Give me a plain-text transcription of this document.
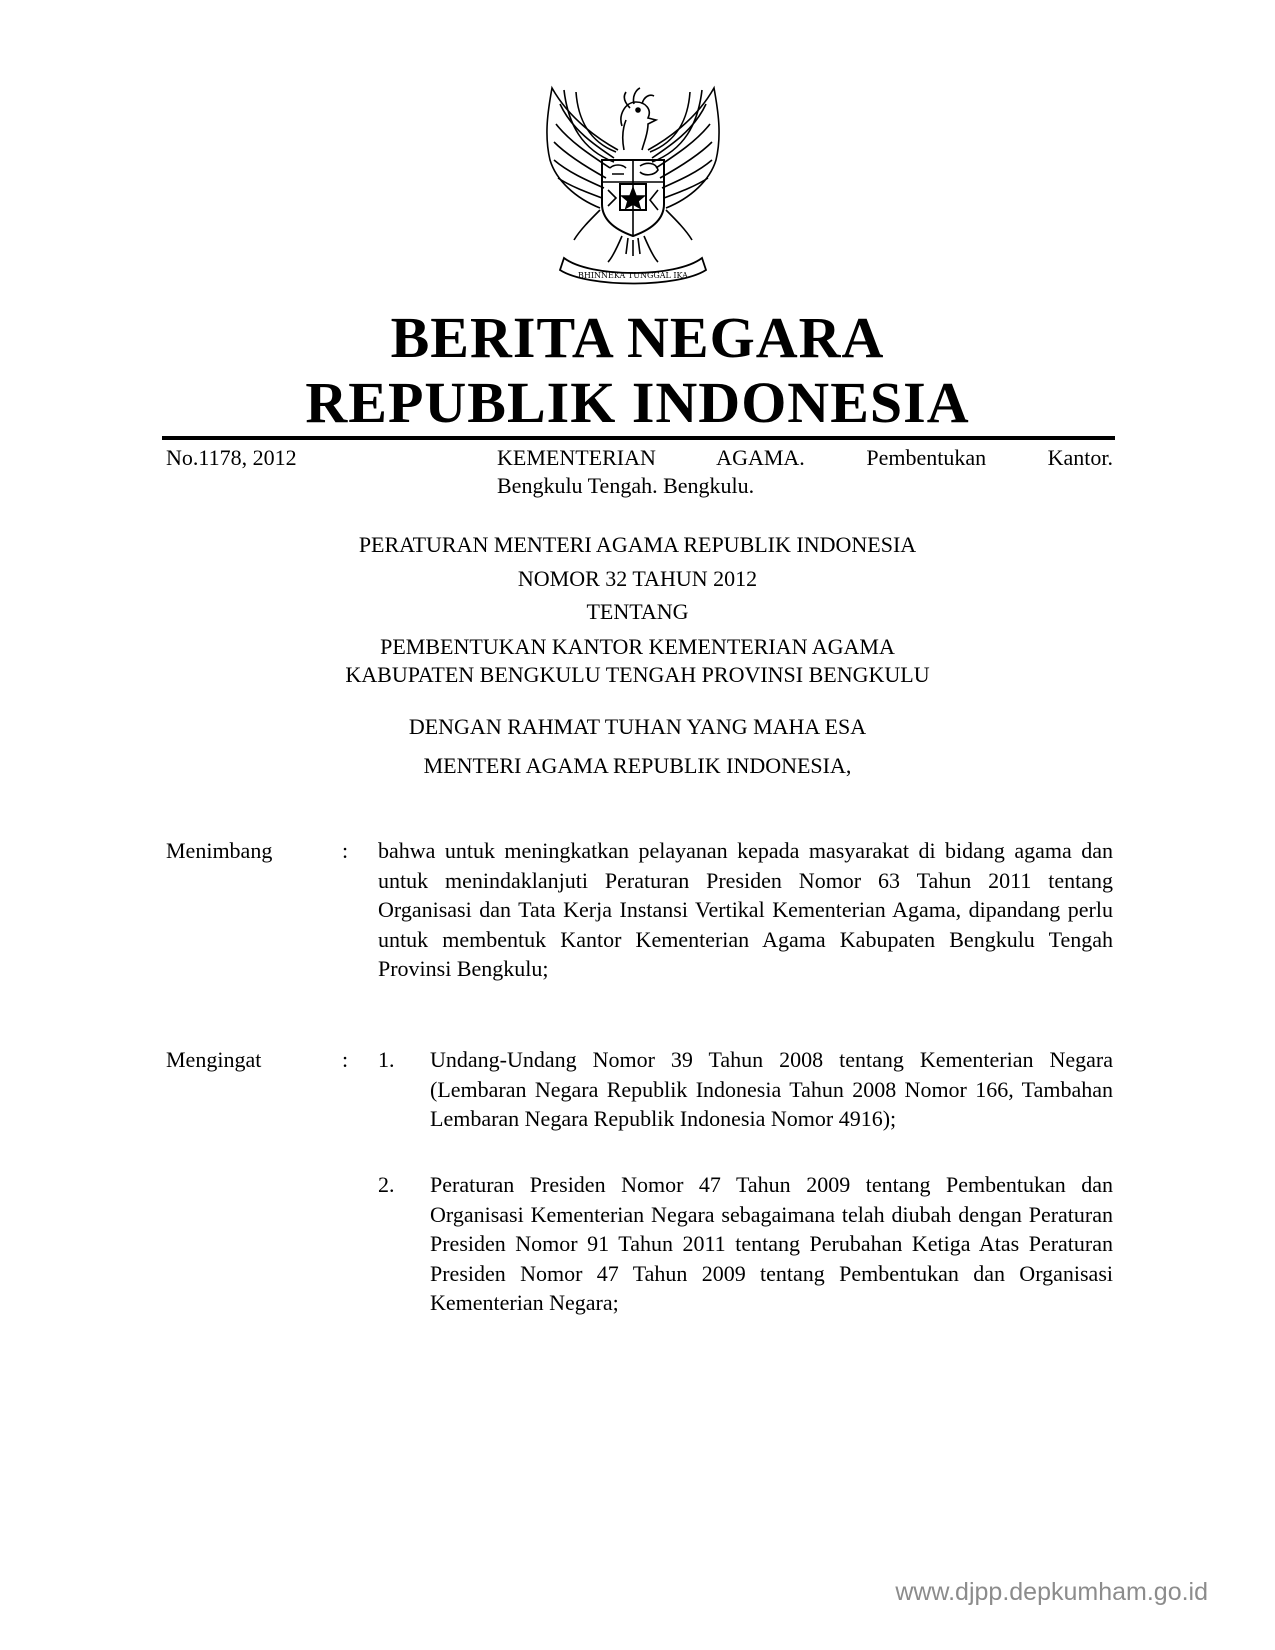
BHINNEKA TUNGGAL IKA
BERITA NEGARA
REPUBLIK INDONESIA
No.1178, 2012	KEMENTERIAN AGAMA. Pembentukan Kantor.
Bengkulu Tengah. Bengkulu.
PERATURAN MENTERI AGAMA REPUBLIK INDONESIA
NOMOR 32 TAHUN 2012
TENTANG
PEMBENTUKAN KANTOR KEMENTERIAN AGAMA
KABUPATEN BENGKULU TENGAH PROVINSI BENGKULU
DENGAN RAHMAT TUHAN YANG MAHA ESA
MENTERI AGAMA REPUBLIK INDONESIA,
Menimbang	: bahwa untuk meningkatkan pelayanan kepada masyarakat di bidang agama dan untuk menindaklanjuti Peraturan Presiden Nomor 63 Tahun 2011 tentang Organisasi dan Tata Kerja Instansi Vertikal Kementerian Agama, dipandang perlu untuk membentuk Kantor Kementerian Agama Kabupaten Bengkulu Tengah Provinsi Bengkulu;
Mengingat	: 1. Undang-Undang Nomor 39 Tahun 2008 tentang Kementerian Negara (Lembaran Negara Republik Indonesia Tahun 2008 Nomor 166, Tambahan Lembaran Negara Republik Indonesia Nomor 4916);
2. Peraturan Presiden Nomor 47 Tahun 2009 tentang Pembentukan dan Organisasi Kementerian Negara sebagaimana telah diubah dengan Peraturan Presiden Nomor 91 Tahun 2011 tentang Perubahan Ketiga Atas Peraturan Presiden Nomor 47 Tahun 2009 tentang Pembentukan dan Organisasi Kementerian Negara;
www.djpp.depkumham.go.id
